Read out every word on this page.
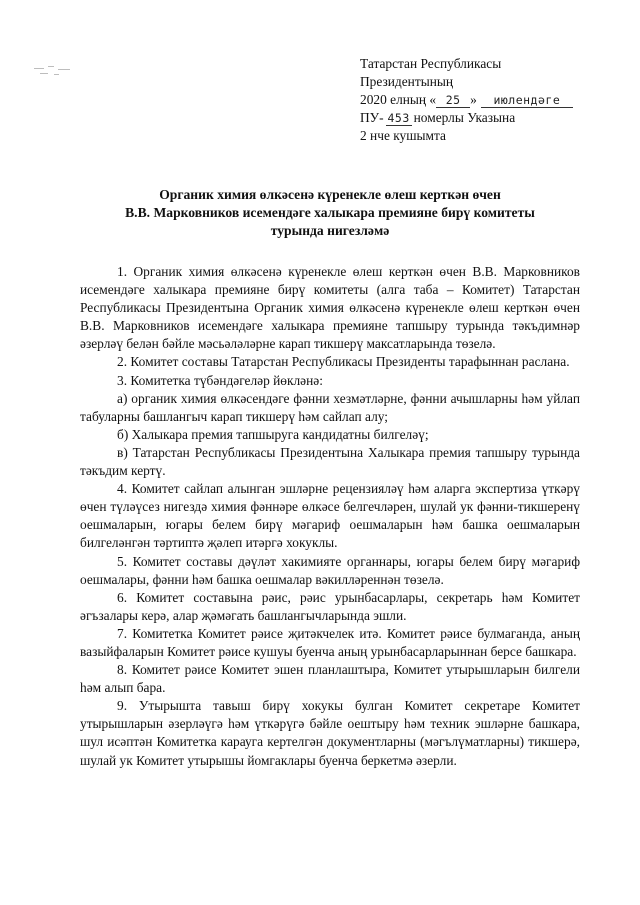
Татарстан Республикасы
Президентының
2020 елның « 25 » июлендәге
ПУ- 453 номерлы Указына
2 нче кушымта
Органик химия өлкәсенә күренекле өлеш керткән өчен
В.В. Марковников исемендәге халыкара премияне бирү комитеты
турында нигезләмә

1. Органик химия өлкәсенә күренекле өлеш керткән өчен В.В. Марковников исемендәге халыкара премияне бирү комитеты (алга таба – Комитет) Татарстан Республикасы Президентына Органик химия өлкәсенә күренекле өлеш керткән өчен В.В. Марковников исемендәге халыкара премияне тапшыру турында тәкъдимнәр әзерләү белән бәйле мәсьәләләрне карап тикшерү максатларында төзелә.

2. Комитет составы Татарстан Республикасы Президенты тарафыннан раслана.

3. Комитетка түбәндәгеләр йөкләнә:

а) органик химия өлкәсендәге фәнни хезмәтләрне, фәнни ачышларны һәм уйлап табуларны башлангыч карап тикшерү һәм сайлап алу;

б) Халыкара премия тапшыруга кандидатны билгеләү;

в) Татарстан Республикасы Президентына Халыкара премия тапшыру турында тәкъдим кертү.

4. Комитет сайлап алынган эшләрне рецензияләү һәм аларга экспертиза үткәрү өчен түләүсез нигездә химия фәннәре өлкәсе белгечләрен, шулай ук фәнни-тикшеренү оешмаларын, югары белем бирү мәгариф оешмаларын һәм башка оешмаларын билгеләнгән тәртиптә җәлеп итәргә хокуклы.

5. Комитет составы дәүләт хакимияте органнары, югары белем бирү мәгариф оешмалары, фәнни һәм башка оешмалар вәкилләреннән төзелә.

6. Комитет составына рәис, рәис урынбасарлары, секретарь һәм Комитет әгъзалары керә, алар җәмәгать башлангычларында эшли.

7. Комитетка Комитет рәисе җитәкчелек итә. Комитет рәисе булмаганда, аның вазыйфаларын Комитет рәисе кушуы буенча аның урынбасарларыннан берсе башкара.

8. Комитет рәисе Комитет эшен планлаштыра, Комитет утырышларын билгели һәм алып бара.

9. Утырышта тавыш бирү хокукы булган Комитет секретаре Комитет утырышларын әзерләүгә һәм үткәрүгә бәйле оештыру һәм техник эшләрне башкара, шул исәптән Комитетка карауга кертелгән документларны (мәгълүматларны) тикшерә, шулай ук Комитет утырышы йомгаклары буенча беркетмә әзерли.
